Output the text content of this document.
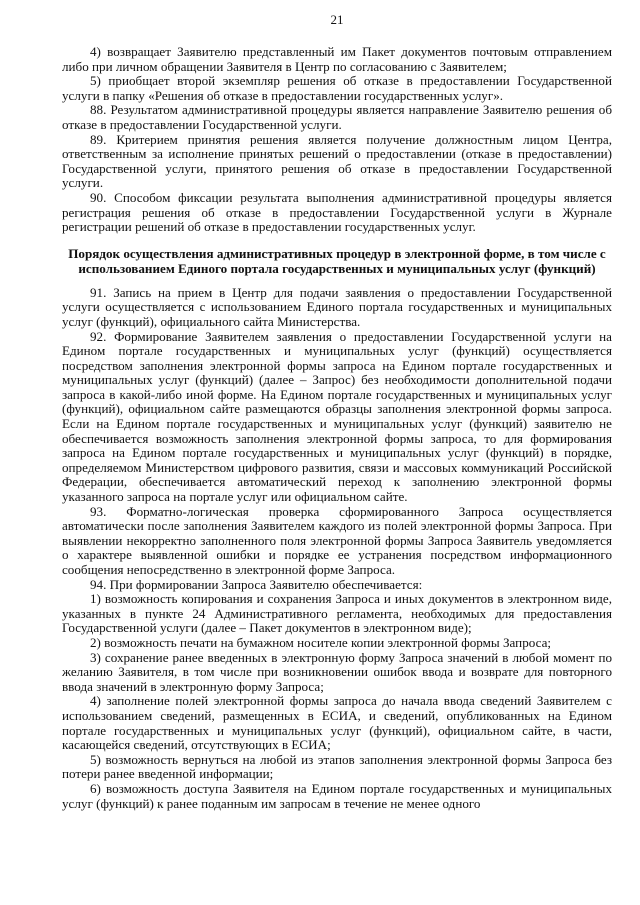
21

4) возвращает Заявителю представленный им Пакет документов почтовым отправлением либо при личном обращении Заявителя в Центр по согласованию с Заявителем;

5) приобщает второй экземпляр решения об отказе в предоставлении Государственной услуги в папку «Решения об отказе в предоставлении государственных услуг».

88. Результатом административной процедуры является направление Заявителю решения об отказе в предоставлении Государственной услуги.

89. Критерием принятия решения является получение должностным лицом Центра, ответственным за исполнение принятых решений о предоставлении (отказе в предоставлении) Государственной услуги, принятого решения об отказе в предоставлении Государственной услуги.

90. Способом фиксации результата выполнения административной процедуры является регистрация решения об отказе в предоставлении Государственной услуги в Журнале регистрации решений об отказе в предоставлении государственных услуг.

Порядок осуществления административных процедур в электронной форме, в том числе с использованием Единого портала государственных и муниципальных услуг (функций)

91. Запись на прием в Центр для подачи заявления о предоставлении Государственной услуги осуществляется с использованием Единого портала государственных и муниципальных услуг (функций), официального сайта Министерства.

92. Формирование Заявителем заявления о предоставлении Государственной услуги на Едином портале государственных и муниципальных услуг (функций) осуществляется посредством заполнения электронной формы запроса на Едином портале государственных и муниципальных услуг (функций) (далее – Запрос) без необходимости дополнительной подачи запроса в какой-либо иной форме. На Едином портале государственных и муниципальных услуг (функций), официальном сайте размещаются образцы заполнения электронной формы запроса. Если на Едином портале государственных и муниципальных услуг (функций) заявителю не обеспечивается возможность заполнения электронной формы запроса, то для формирования запроса на Едином портале государственных и муниципальных услуг (функций) в порядке, определяемом Министерством цифрового развития, связи и массовых коммуникаций Российской Федерации, обеспечивается автоматический переход к заполнению электронной формы указанного запроса на портале услуг или официальном сайте.

93. Форматно-логическая проверка сформированного Запроса осуществляется автоматически после заполнения Заявителем каждого из полей электронной формы Запроса. При выявлении некорректно заполненного поля электронной формы Запроса Заявитель уведомляется о характере выявленной ошибки и порядке ее устранения посредством информационного сообщения непосредственно в электронной форме Запроса.

94. При формировании Запроса Заявителю обеспечивается:

1) возможность копирования и сохранения Запроса и иных документов в электронном виде, указанных в пункте 24 Административного регламента, необходимых для предоставления Государственной услуги (далее – Пакет документов в электронном виде);

2) возможность печати на бумажном носителе копии электронной формы Запроса;

3) сохранение ранее введенных в электронную форму Запроса значений в любой момент по желанию Заявителя, в том числе при возникновении ошибок ввода и возврате для повторного ввода значений в электронную форму Запроса;

4) заполнение полей электронной формы запроса до начала ввода сведений Заявителем с использованием сведений, размещенных в ЕСИА, и сведений, опубликованных на Едином портале государственных и муниципальных услуг (функций), официальном сайте, в части, касающейся сведений, отсутствующих в ЕСИА;

5) возможность вернуться на любой из этапов заполнения электронной формы Запроса без потери ранее введенной информации;

6) возможность доступа Заявителя на Едином портале государственных и муниципальных услуг (функций) к ранее поданным им запросам в течение не менее одного
